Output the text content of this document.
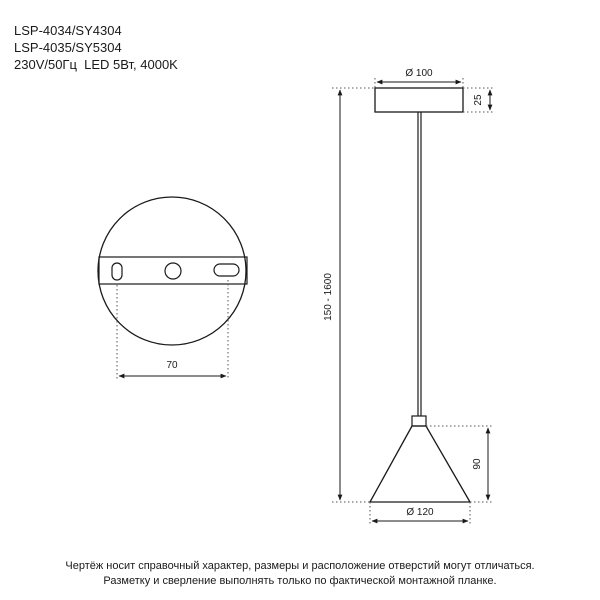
LSP-4034/SY4304
LSP-4035/SY5304
230V/50Гц  LED 5Вт, 4000K
70
Ø 100
25
150 - 1600
90
Ø 120
Чертёж носит справочный характер, размеры и расположение отверстий могут отличаться.
Разметку и сверление выполнять только по фактической монтажной планке.
